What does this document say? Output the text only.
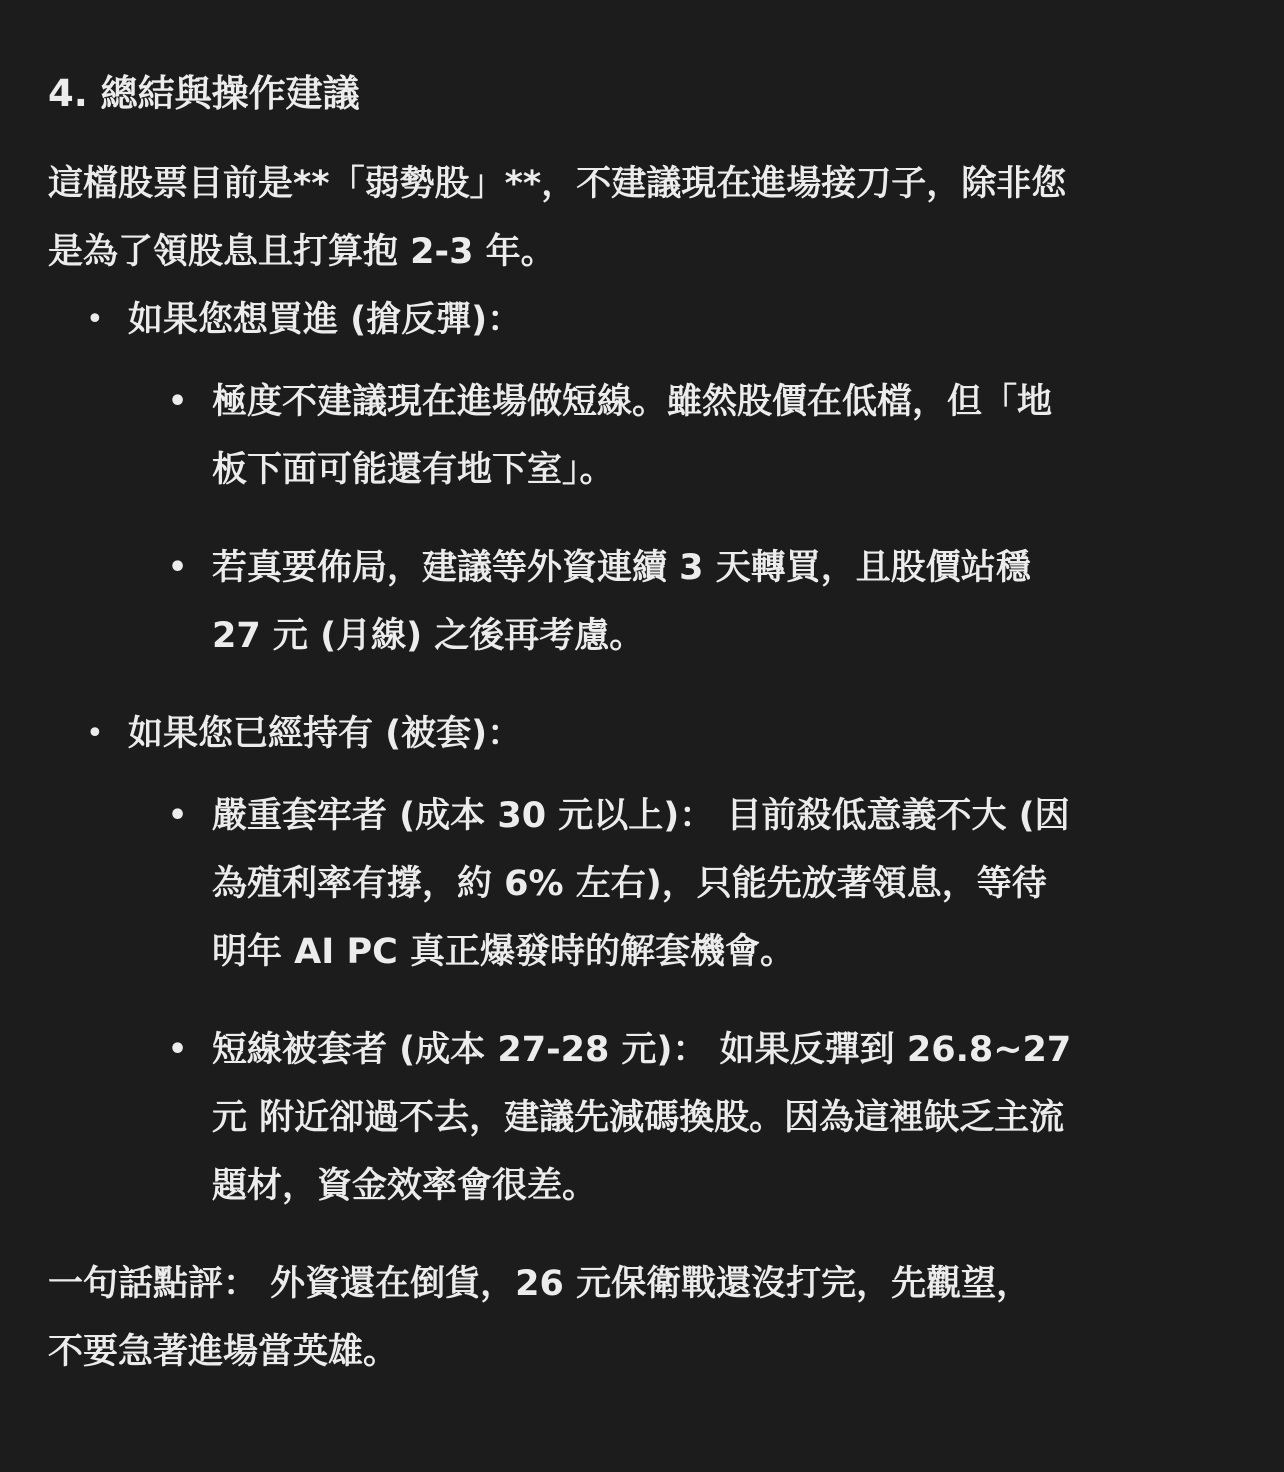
4. 總結與操作建議

這檔股票目前是**「弱勢股」**，不建議現在進場接刀子，除非您
是為了領股息且打算抱 2-3 年。

• 如果您想買進 (搶反彈)：
• 極度不建議現在進場做短線。雖然股價在低檔，但「地
板下面可能還有地下室」。
• 若真要佈局，建議等外資連續 3 天轉買，且股價站穩
27 元 (月線) 之後再考慮。
• 如果您已經持有 (被套)：
• 嚴重套牢者 (成本 30 元以上)： 目前殺低意義不大 (因
為殖利率有撐，約 6% 左右)，只能先放著領息，等待
明年 AI PC 真正爆發時的解套機會。
• 短線被套者 (成本 27-28 元)： 如果反彈到 26.8~27
元 附近卻過不去，建議先減碼換股。因為這裡缺乏主流
題材，資金效率會很差。

一句話點評： 外資還在倒貨，26 元保衛戰還沒打完，先觀望，
不要急著進場當英雄。
